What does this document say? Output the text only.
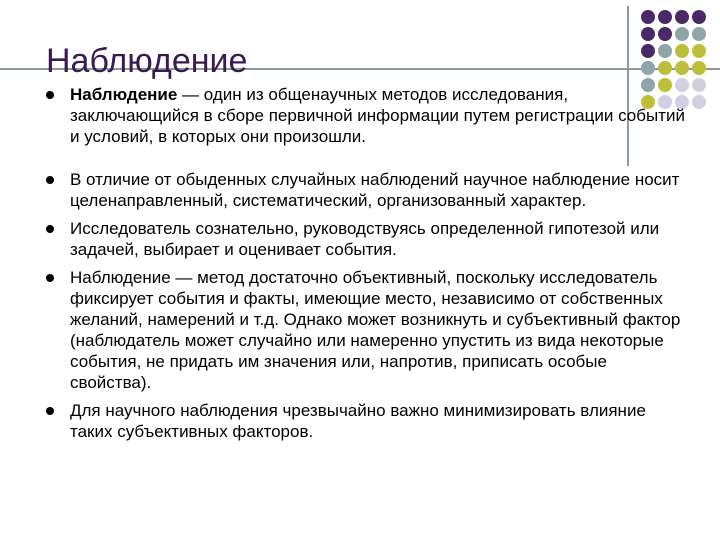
Наблюдение
Наблюдение — один из общенаучных методов исследования, заключающийся в сборе первичной информации путем регистрации событий и условий, в которых они произошли.
В отличие от обыденных случайных наблюдений научное наблюдение носит целенаправленный, систематический, организованный характер.
Исследователь сознательно, руководствуясь определенной гипотезой или задачей, выбирает и оценивает события.
Наблюдение — метод достаточно объективный, поскольку исследователь фиксирует события и факты, имеющие место, независимо от собственных желаний, намерений и т.д. Однако может возникнуть и субъективный фактор (наблюдатель может случайно или намеренно упустить из вида некоторые события, не придать им значения или, напротив, приписать особые свойства).
Для научного наблюдения чрезвычайно важно минимизировать влияние таких субъективных факторов.
